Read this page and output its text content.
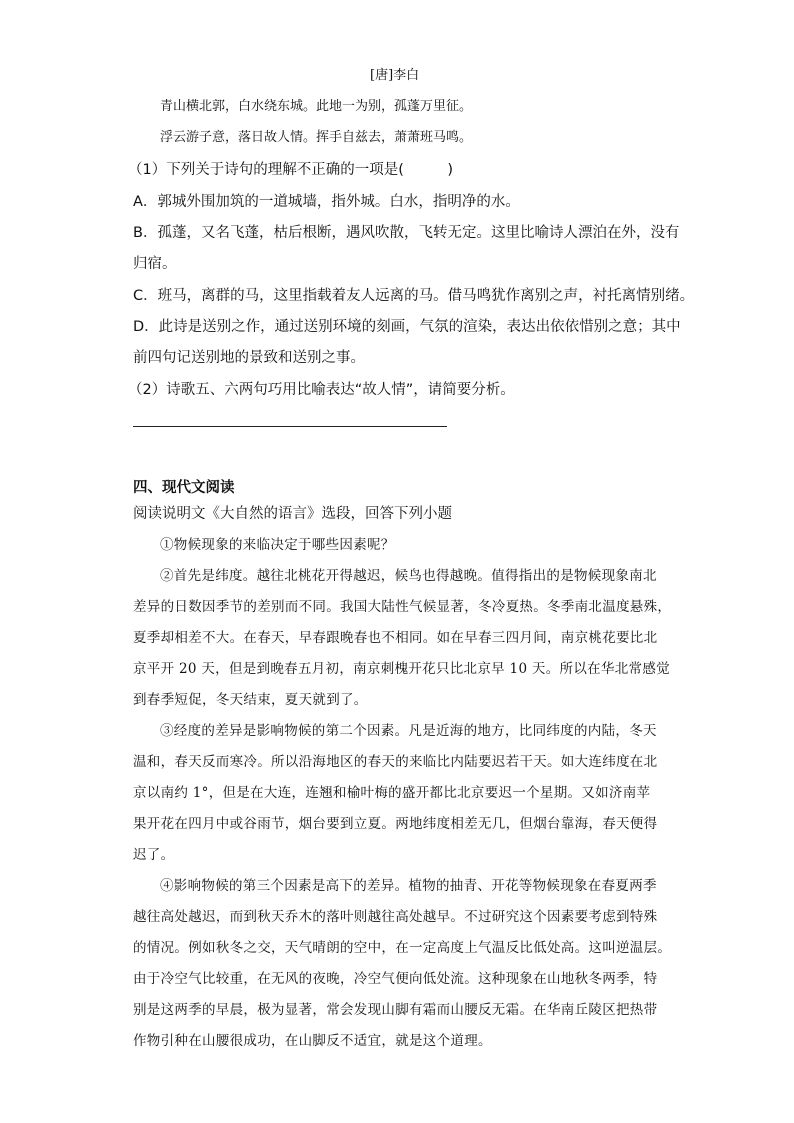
[唐]李白
青山横北郭，白水绕东城。此地一为别，孤蓬万里征。
浮云游子意，落日故人情。挥手自兹去，萧萧班马鸣。
（1）下列关于诗句的理解不正确的一项是(　　　)
A．郭城外围加筑的一道城墙，指外城。白水，指明净的水。
B．孤蓬，又名飞蓬，枯后根断，遇风吹散，飞转无定。这里比喻诗人漂泊在外，没有
归宿。
C．班马，离群的马，这里指载着友人远离的马。借马鸣犹作离别之声，衬托离情别绪。
D．此诗是送别之作，通过送别环境的刻画，气氛的渲染，表达出依依惜别之意；其中
前四句记送别地的景致和送别之事。
（2）诗歌五、六两句巧用比喻表达“故人情”，请简要分析。
四、现代文阅读
阅读说明文《大自然的语言》选段，回答下列小题
①物候现象的来临决定于哪些因素呢？
②首先是纬度。越往北桃花开得越迟，候鸟也得越晚。值得指出的是物候现象南北
差异的日数因季节的差别而不同。我国大陆性气候显著，冬冷夏热。冬季南北温度悬殊，
夏季却相差不大。在春天，早春跟晚春也不相同。如在早春三四月间，南京桃花要比北
京平开 20 天，但是到晚春五月初，南京刺槐开花只比北京早 10 天。所以在华北常感觉
到春季短促，冬天结束，夏天就到了。
③经度的差异是影响物候的第二个因素。凡是近海的地方，比同纬度的内陆，冬天
温和，春天反而寒冷。所以沿海地区的春天的来临比内陆要迟若干天。如大连纬度在北
京以南约 1°，但是在大连，连翘和榆叶梅的盛开都比北京要迟一个星期。又如济南苹
果开花在四月中或谷雨节，烟台要到立夏。两地纬度相差无几，但烟台靠海，春天便得
迟了。
④影响物候的第三个因素是高下的差异。植物的抽青、开花等物候现象在春夏两季
越往高处越迟，而到秋天乔木的落叶则越往高处越早。不过研究这个因素要考虑到特殊
的情况。例如秋冬之交，天气晴朗的空中，在一定高度上气温反比低处高。这叫逆温层。
由于冷空气比较重，在无风的夜晚，冷空气便向低处流。这种现象在山地秋冬两季，特
别是这两季的早晨，极为显著，常会发现山脚有霜而山腰反无霜。在华南丘陵区把热带
作物引种在山腰很成功，在山脚反不适宜，就是这个道理。
